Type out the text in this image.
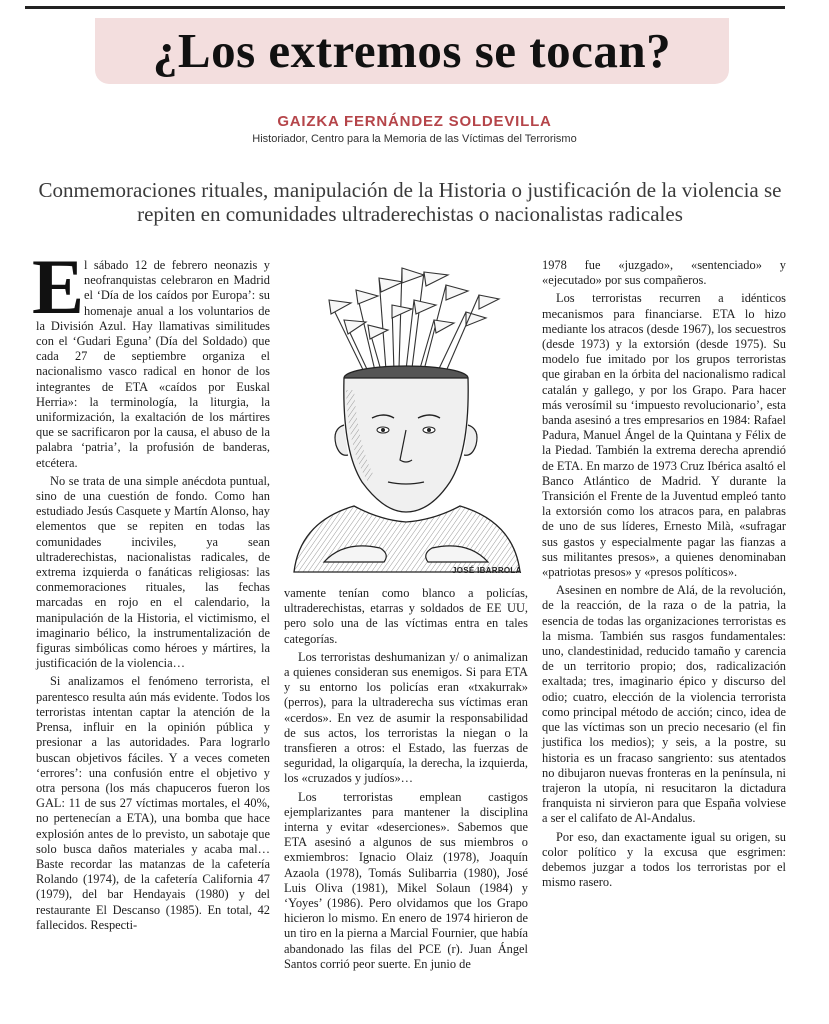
¿Los extremos se tocan?
GAIZKA FERNÁNDEZ SOLDEVILLA
Historiador, Centro para la Memoria de las Víctimas del Terrorismo
Conmemoraciones rituales, manipulación de la Historia o justificación de la violencia se repiten en comunidades ultraderechistas o nacionalistas radicales

El sábado 12 de febrero neonazis y neofranquistas celebraron en Madrid el ‘Día de los caídos por Europa’: su homenaje anual a los voluntarios de la División Azul. Hay llamativas similitudes con el ‘Gudari Eguna’ (Día del Soldado) que cada 27 de septiembre organiza el nacionalismo vasco radical en honor de los integrantes de ETA «caídos por Euskal Herria»: la terminología, la liturgia, la uniformización, la exaltación de los mártires que se sacrificaron por la causa, el abuso de la palabra ‘patria’, la profusión de banderas, etcétera.

No se trata de una simple anécdota puntual, sino de una cuestión de fondo. Como han estudiado Jesús Casquete y Martín Alonso, hay elementos que se repiten en todas las comunidades inciviles, ya sean ultraderechistas, nacionalistas radicales, de extrema izquierda o fanáticas religiosas: las conmemoraciones rituales, las fechas marcadas en rojo en el calendario, la manipulación de la Historia, el victimismo, el imaginario bélico, la instrumentalización de figuras simbólicas como héroes y mártires, la justificación de la violencia…

Si analizamos el fenómeno terrorista, el parentesco resulta aún más evidente. Todos los terroristas intentan captar la atención de la Prensa, influir en la opinión pública y presionar a las autoridades. Para lograrlo buscan objetivos fáciles. Y a veces cometen ‘errores’: una confusión entre el objetivo y otra persona (los más chapuceros fueron los GAL: 11 de sus 27 víctimas mortales, el 40%, no pertenecían a ETA), una bomba que hace explosión antes de lo previsto, un sabotaje que solo busca daños materiales y acaba mal… Baste recordar las matanzas de la cafetería Rolando (1974), de la cafetería California 47 (1979), del bar Hendayais (1980) y del restaurante El Descanso (1985). En total, 42 fallecidos. Respecti-

JOSÉ IBARROLA

vamente tenían como blanco a policías, ultraderechistas, etarras y soldados de EE UU, pero solo una de las víctimas entra en tales categorías.

Los terroristas deshumanizan y/ o animalizan a quienes consideran sus enemigos. Si para ETA y su entorno los policías eran «txakurrak» (perros), para la ultraderecha sus víctimas eran «cerdos». En vez de asumir la responsabilidad de sus actos, los terroristas la niegan o la transfieren a otros: el Estado, las fuerzas de seguridad, la oligarquía, la derecha, la izquierda, los «cruzados y judíos»…

Los terroristas emplean castigos ejemplarizantes para mantener la disciplina interna y evitar «deserciones». Sabemos que ETA asesinó a algunos de sus miembros o exmiembros: Ignacio Olaiz (1978), Joaquín Azaola (1978), Tomás Sulibarria (1980), José Luis Oliva (1981), Mikel Solaun (1984) y ‘Yoyes’ (1986). Pero olvidamos que los Grapo hicieron lo mismo. En enero de 1974 hirieron de un tiro en la pierna a Marcial Fournier, que había abandonado las filas del PCE (r). Juan Ángel Santos corrió peor suerte. En junio de

1978 fue «juzgado», «sentenciado» y «ejecutado» por sus compañeros.

Los terroristas recurren a idénticos mecanismos para financiarse. ETA lo hizo mediante los atracos (desde 1967), los secuestros (desde 1973) y la extorsión (desde 1975). Su modelo fue imitado por los grupos terroristas que giraban en la órbita del nacionalismo radical catalán y gallego, y por los Grapo. Para hacer más verosímil su ‘impuesto revolucionario’, esta banda asesinó a tres empresarios en 1984: Rafael Padura, Manuel Ángel de la Quintana y Félix de la Piedad. También la extrema derecha aprendió de ETA. En marzo de 1973 Cruz Ibérica asaltó el Banco Atlántico de Madrid. Y durante la Transición el Frente de la Juventud empleó tanto la extorsión como los atracos para, en palabras de uno de sus líderes, Ernesto Milà, «sufragar sus gastos y especialmente pagar las fianzas a sus militantes presos», a quienes denominaban «patriotas presos» y «presos políticos».

Asesinen en nombre de Alá, de la revolución, de la reacción, de la raza o de la patria, la esencia de todas las organizaciones terroristas es la misma. También sus rasgos fundamentales: uno, clandestinidad, reducido tamaño y carencia de un territorio propio; dos, radicalización exaltada; tres, imaginario épico y discurso del odio; cuatro, elección de la violencia terrorista como principal método de acción; cinco, idea de que las víctimas son un precio necesario (el fin justifica los medios); y seis, a la postre, su historia es un fracaso sangriento: sus atentados no dibujaron nuevas fronteras en la península, ni trajeron la utopía, ni resucitaron la dictadura franquista ni sirvieron para que España volviese a ser el califato de Al-Andalus.

Por eso, dan exactamente igual su origen, su color político y la excusa que esgrimen: debemos juzgar a todos los terroristas por el mismo rasero.
